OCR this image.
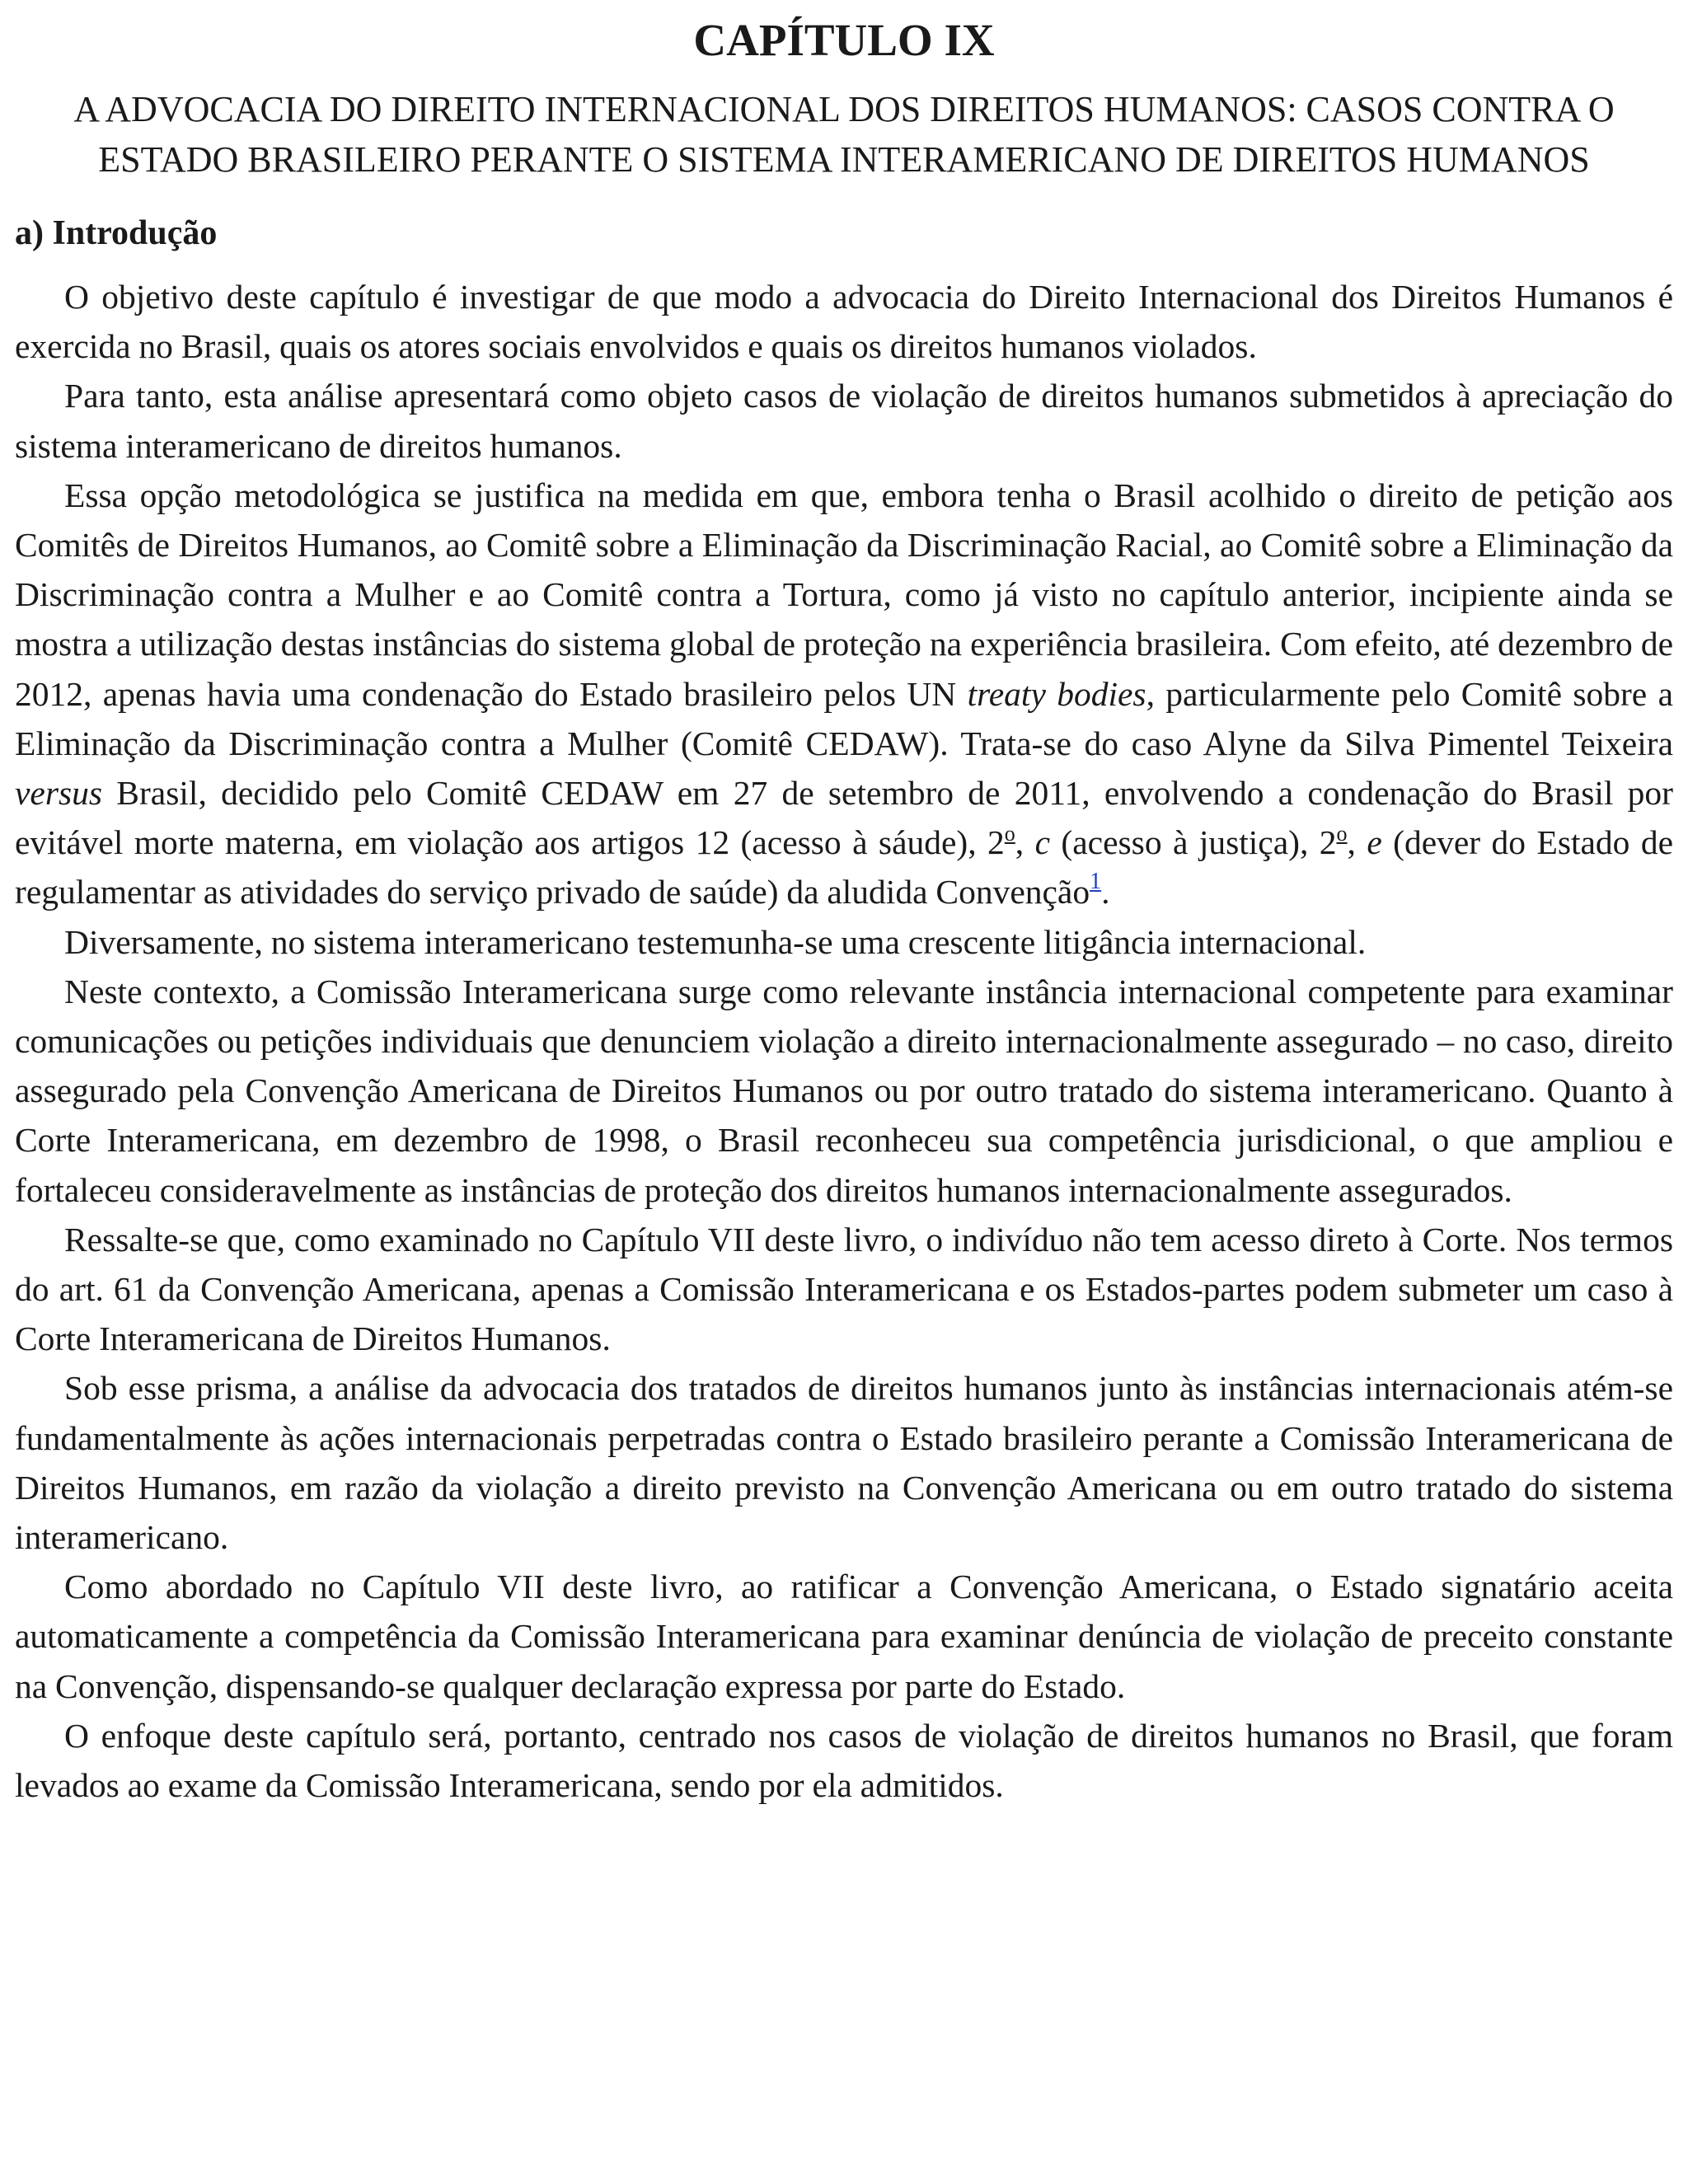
CAPÍTULO IX

A ADVOCACIA DO DIREITO INTERNACIONAL DOS DIREITOS HUMANOS: CASOS CONTRA O ESTADO BRASILEIRO PERANTE O SISTEMA INTERAMERICANO DE DIREITOS HUMANOS

a) Introdução

O objetivo deste capítulo é investigar de que modo a advocacia do Direito Internacional dos Direitos Humanos é exercida no Brasil, quais os atores sociais envolvidos e quais os direitos humanos violados.

Para tanto, esta análise apresentará como objeto casos de violação de direitos humanos submetidos à apreciação do sistema interamericano de direitos humanos.

Essa opção metodológica se justifica na medida em que, embora tenha o Brasil acolhido o direito de petição aos Comitês de Direitos Humanos, ao Comitê sobre a Eliminação da Discriminação Racial, ao Comitê sobre a Eliminação da Discriminação contra a Mulher e ao Comitê contra a Tortura, como já visto no capítulo anterior, incipiente ainda se mostra a utilização destas instâncias do sistema global de proteção na experiência brasileira. Com efeito, até dezembro de 2012, apenas havia uma condenação do Estado brasileiro pelos UN treaty bodies, particularmente pelo Comitê sobre a Eliminação da Discriminação contra a Mulher (Comitê CEDAW). Trata-se do caso Alyne da Silva Pimentel Teixeira versus Brasil, decidido pelo Comitê CEDAW em 27 de setembro de 2011, envolvendo a condenação do Brasil por evitável morte materna, em violação aos artigos 12 (acesso à sáude), 2$^o$, c (acesso à justiça), 2$^o$, e (dever do Estado de regulamentar as atividades do serviço privado de saúde) da aludida Convenção$^1$.

Diversamente, no sistema interamericano testemunha-se uma crescente litigância internacional.

Neste contexto, a Comissão Interamericana surge como relevante instância internacional competente para examinar comunicações ou petições individuais que denunciem violação a direito internacionalmente assegurado – no caso, direito assegurado pela Convenção Americana de Direitos Humanos ou por outro tratado do sistema interamericano. Quanto à Corte Interamericana, em dezembro de 1998, o Brasil reconheceu sua competência jurisdicional, o que ampliou e fortaleceu consideravelmente as instâncias de proteção dos direitos humanos internacionalmente assegurados.

Ressalte-se que, como examinado no Capítulo VII deste livro, o indivíduo não tem acesso direto à Corte. Nos termos do art. 61 da Convenção Americana, apenas a Comissão Interamericana e os Estados-partes podem submeter um caso à Corte Interamericana de Direitos Humanos.

Sob esse prisma, a análise da advocacia dos tratados de direitos humanos junto às instâncias internacionais atém-se fundamentalmente às ações internacionais perpetradas contra o Estado brasileiro perante a Comissão Interamericana de Direitos Humanos, em razão da violação a direito previsto na Convenção Americana ou em outro tratado do sistema interamericano.

Como abordado no Capítulo VII deste livro, ao ratificar a Convenção Americana, o Estado signatário aceita automaticamente a competência da Comissão Interamericana para examinar denúncia de violação de preceito constante na Convenção, dispensando-se qualquer declaração expressa por parte do Estado.

O enfoque deste capítulo será, portanto, centrado nos casos de violação de direitos humanos no Brasil, que foram levados ao exame da Comissão Interamericana, sendo por ela admitidos.
